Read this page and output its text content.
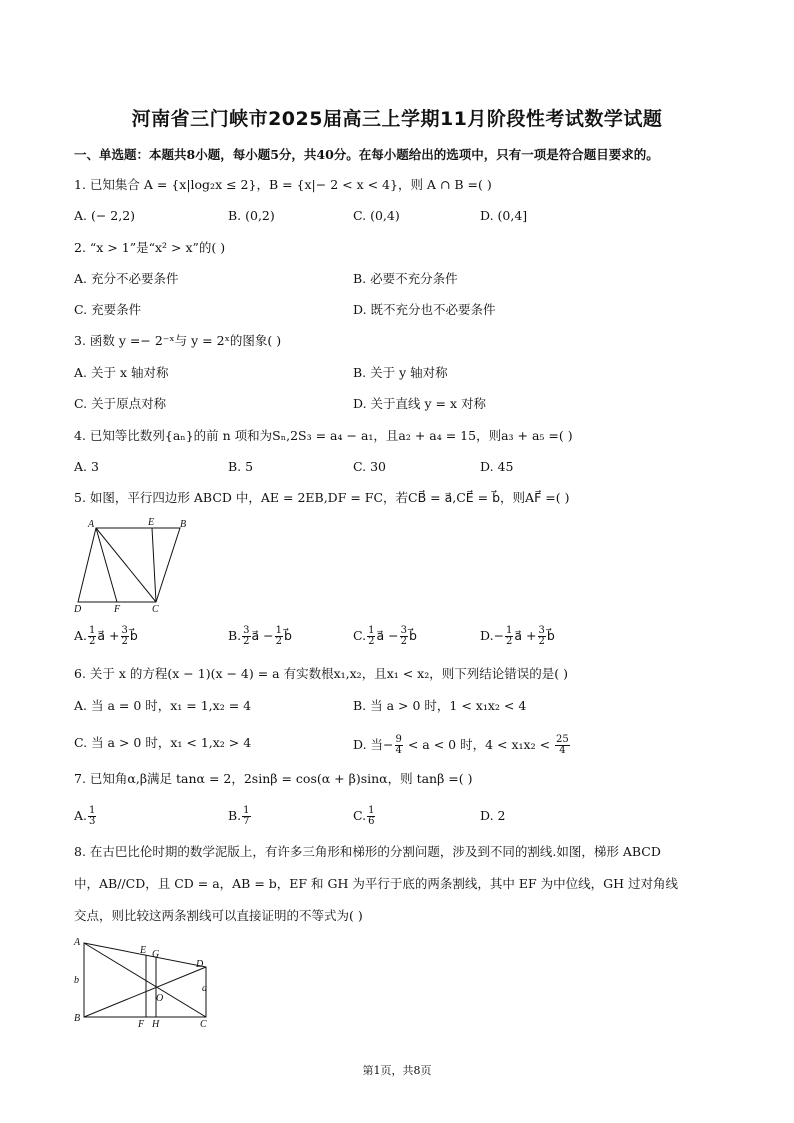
河南省三门峡市2025届高三上学期11月阶段性考试数学试题
一、单选题：本题共8小题，每小题5分，共40分。在每小题给出的选项中，只有一项是符合题目要求的。
1. 已知集合 A = {x|log₂x ≤ 2}，B = {x|− 2 < x < 4}，则 A ∩ B =( )
A. (− 2,2)	B. (0,2)	C. (0,4)	D. (0,4]
2. “x > 1”是“x² > x”的( )
A. 充分不必要条件	B. 必要不充分条件
C. 充要条件	D. 既不充分也不必要条件
3. 函数 y =− 2⁻ˣ与 y = 2ˣ的图象( )
A. 关于 x 轴对称	B. 关于 y 轴对称
C. 关于原点对称	D. 关于直线 y = x 对称
4. 已知等比数列{aₙ}的前 n 项和为Sₙ,2S₃ = a₄ − a₁，且a₂ + a₄ = 15，则a₃ + a₅ =( )
A. 3	B. 5	C. 30	D. 45
5. 如图，平行四边形 ABCD 中，AE = 2EB,DF = FC，若CB⃗ = a⃗,CE⃗ = b⃗，则AF⃗ =( )
A	E	B
D	F	C
A. $\frac{1}{2}$ a⃗ + $\frac{3}{2}$ b⃗	B. $\frac{3}{2}$ a⃗ − $\frac{1}{2}$ b⃗	C. $\frac{1}{2}$ a⃗ − $\frac{3}{2}$ b⃗	$D.- \frac{1}{2}$ a⃗ + $\frac{3}{2}$ b⃗
6. 关于 x 的方程(x − 1)(x − 4) = a 有实数根x₁,x₂，且x₁ < x₂，则下列结论错误的是( )
A. 当 a = 0 时，x₁ = 1,x₂ = 4	B. 当 a > 0 时，1 < x₁x₂ < 4
C. 当 a > 0 时，x₁ < 1,x₂ > 4	D. 当− $\frac{9}{4} < a < 0$ 时，$4 < x_1x_2 < \frac{25}{4}$
7. 已知角α,β满足 tanα = 2，2sinβ = cos(α + β)sinα，则 tanβ =( )
A. $\frac{1}{3}$	B. $\frac{1}{7}$	C. $\frac{1}{6}$	D. 2
8. 在古巴比伦时期的数学泥版上，有许多三角形和梯形的分割问题，涉及到不同的割线.如图，梯形 ABCD
中，AB//CD，且 CD = a，AB = b，EF 和 GH 为平行于底的两条割线，其中 EF 为中位线，GH 过对角线
交点，则比较这两条割线可以直接证明的不等式为( )
A
E G
D
b
O
a
B
F H	C
第1页，共8页
